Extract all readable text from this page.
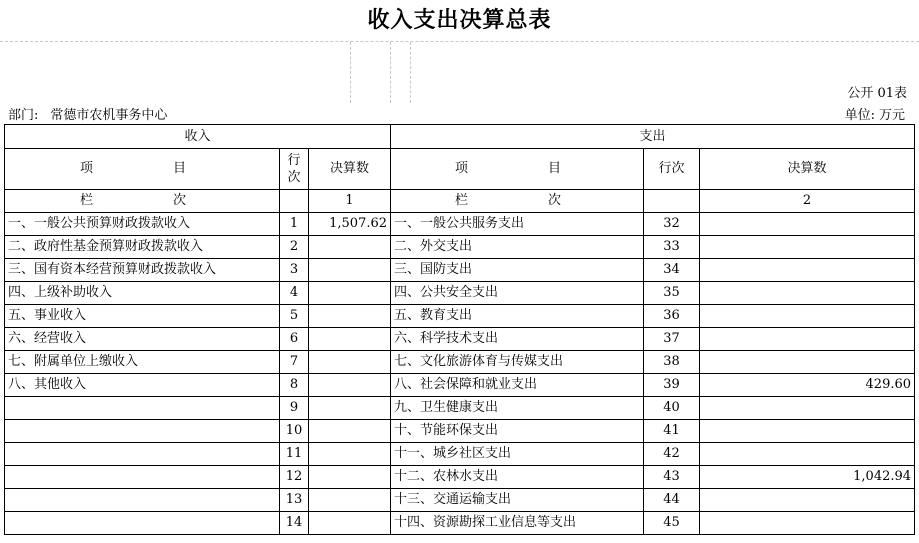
收入支出决算总表
公开 01表
部门: 常德市农机事务中心	单位: 万元
收入			支出		
项　　目	行次	决算数	项　　目	行次	决算数
栏　　次		1	栏　　次		2
一、一般公共预算财政拨款收入	1	1,507.62	一、一般公共服务支出	32	
二、政府性基金预算财政拨款收入	2		二、外交支出	33	
三、国有资本经营预算财政拨款收入	3		三、国防支出	34	
四、上级补助收入	4		四、公共安全支出	35	
五、事业收入	5		五、教育支出	36	
六、经营收入	6		六、科学技术支出	37	
七、附属单位上缴收入	7		七、文化旅游体育与传媒支出	38	
八、其他收入	8		八、社会保障和就业支出	39	429.60
	9		九、卫生健康支出	40	
	10		十、节能环保支出	41	
	11		十一、城乡社区支出	42	
	12		十二、农林水支出	43	1,042.94
	13		十三、交通运输支出	44	
	14		十四、资源勘探工业信息等支出	45	
